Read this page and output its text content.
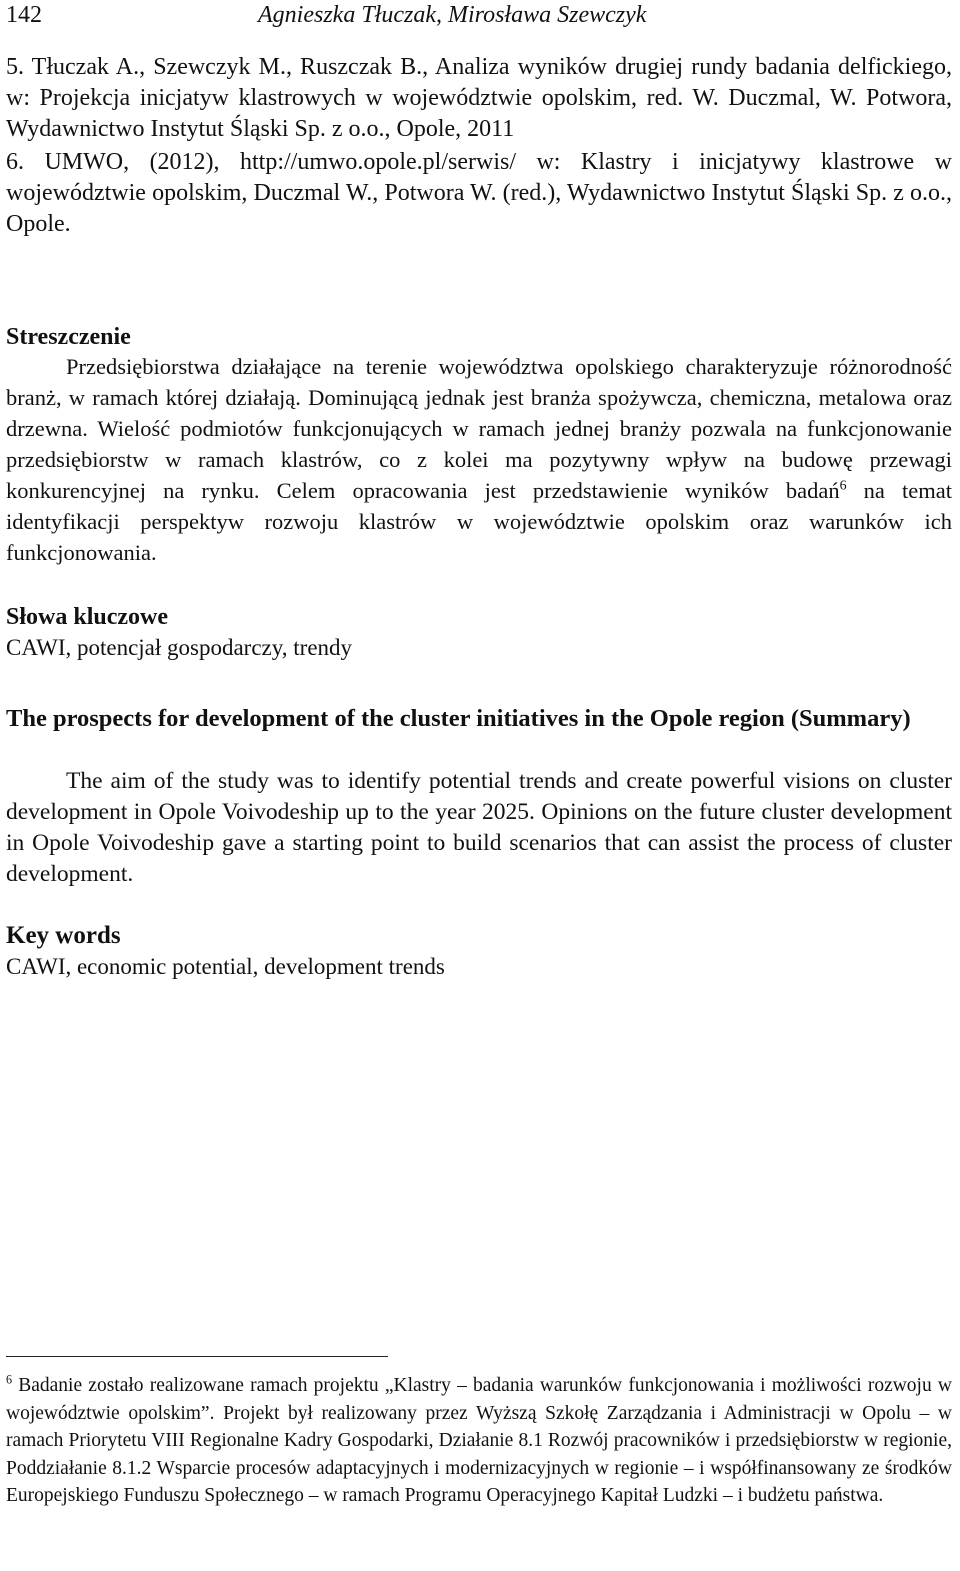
142	Agnieszka Tłuczak, Mirosława Szewczyk

5. Tłuczak A., Szewczyk M., Ruszczak B., Analiza wyników drugiej rundy badania delfickiego, w: Projekcja inicjatyw klastrowych w województwie opolskim, red. W. Duczmal, W. Potwora, Wydawnictwo Instytut Śląski Sp. z o.o., Opole, 2011

6. UMWO, (2012), http://umwo.opole.pl/serwis/ w: Klastry i inicjatywy klastrowe w województwie opolskim, Duczmal W., Potwora W. (red.), Wydawnictwo Instytut Śląski Sp. z o.o., Opole.

Streszczenie

Przedsiębiorstwa działające na terenie województwa opolskiego charakteryzuje różnorodność branż, w ramach której działają. Dominującą jednak jest branża spożywcza, chemiczna, metalowa oraz drzewna. Wielość podmiotów funkcjonujących w ramach jednej branży pozwala na funkcjonowanie przedsiębiorstw w ramach klastrów, co z kolei ma pozytywny wpływ na budowę przewagi konkurencyjnej na rynku. Celem opracowania jest przedstawienie wyników badań$^6$ na temat identyfikacji perspektyw rozwoju klastrów w województwie opolskim oraz warunków ich funkcjonowania.

Słowa kluczowe

CAWI, potencjał gospodarczy, trendy

The prospects for development of the cluster initiatives in the Opole region (Summary)

The aim of the study was to identify potential trends and create powerful visions on cluster development in Opole Voivodeship up to the year 2025. Opinions on the future cluster development in Opole Voivodeship gave a starting point to build scenarios that can assist the process of cluster development.

Key words

CAWI, economic potential, development trends

$^6$ Badanie zostało realizowane ramach projektu „Klastry – badania warunków funkcjonowania i możliwości rozwoju w województwie opolskim”. Projekt był realizowany przez Wyższą Szkołę Zarządzania i Administracji w Opolu – w ramach Priorytetu VIII Regionalne Kadry Gospodarki, Działanie 8.1 Rozwój pracowników i przedsiębiorstw w regionie, Poddziałanie 8.1.2 Wsparcie procesów adaptacyjnych i modernizacyjnych w regionie – i współfinansowany ze środków Europejskiego Funduszu Społecznego – w ramach Programu Operacyjnego Kapitał Ludzki – i budżetu państwa.
